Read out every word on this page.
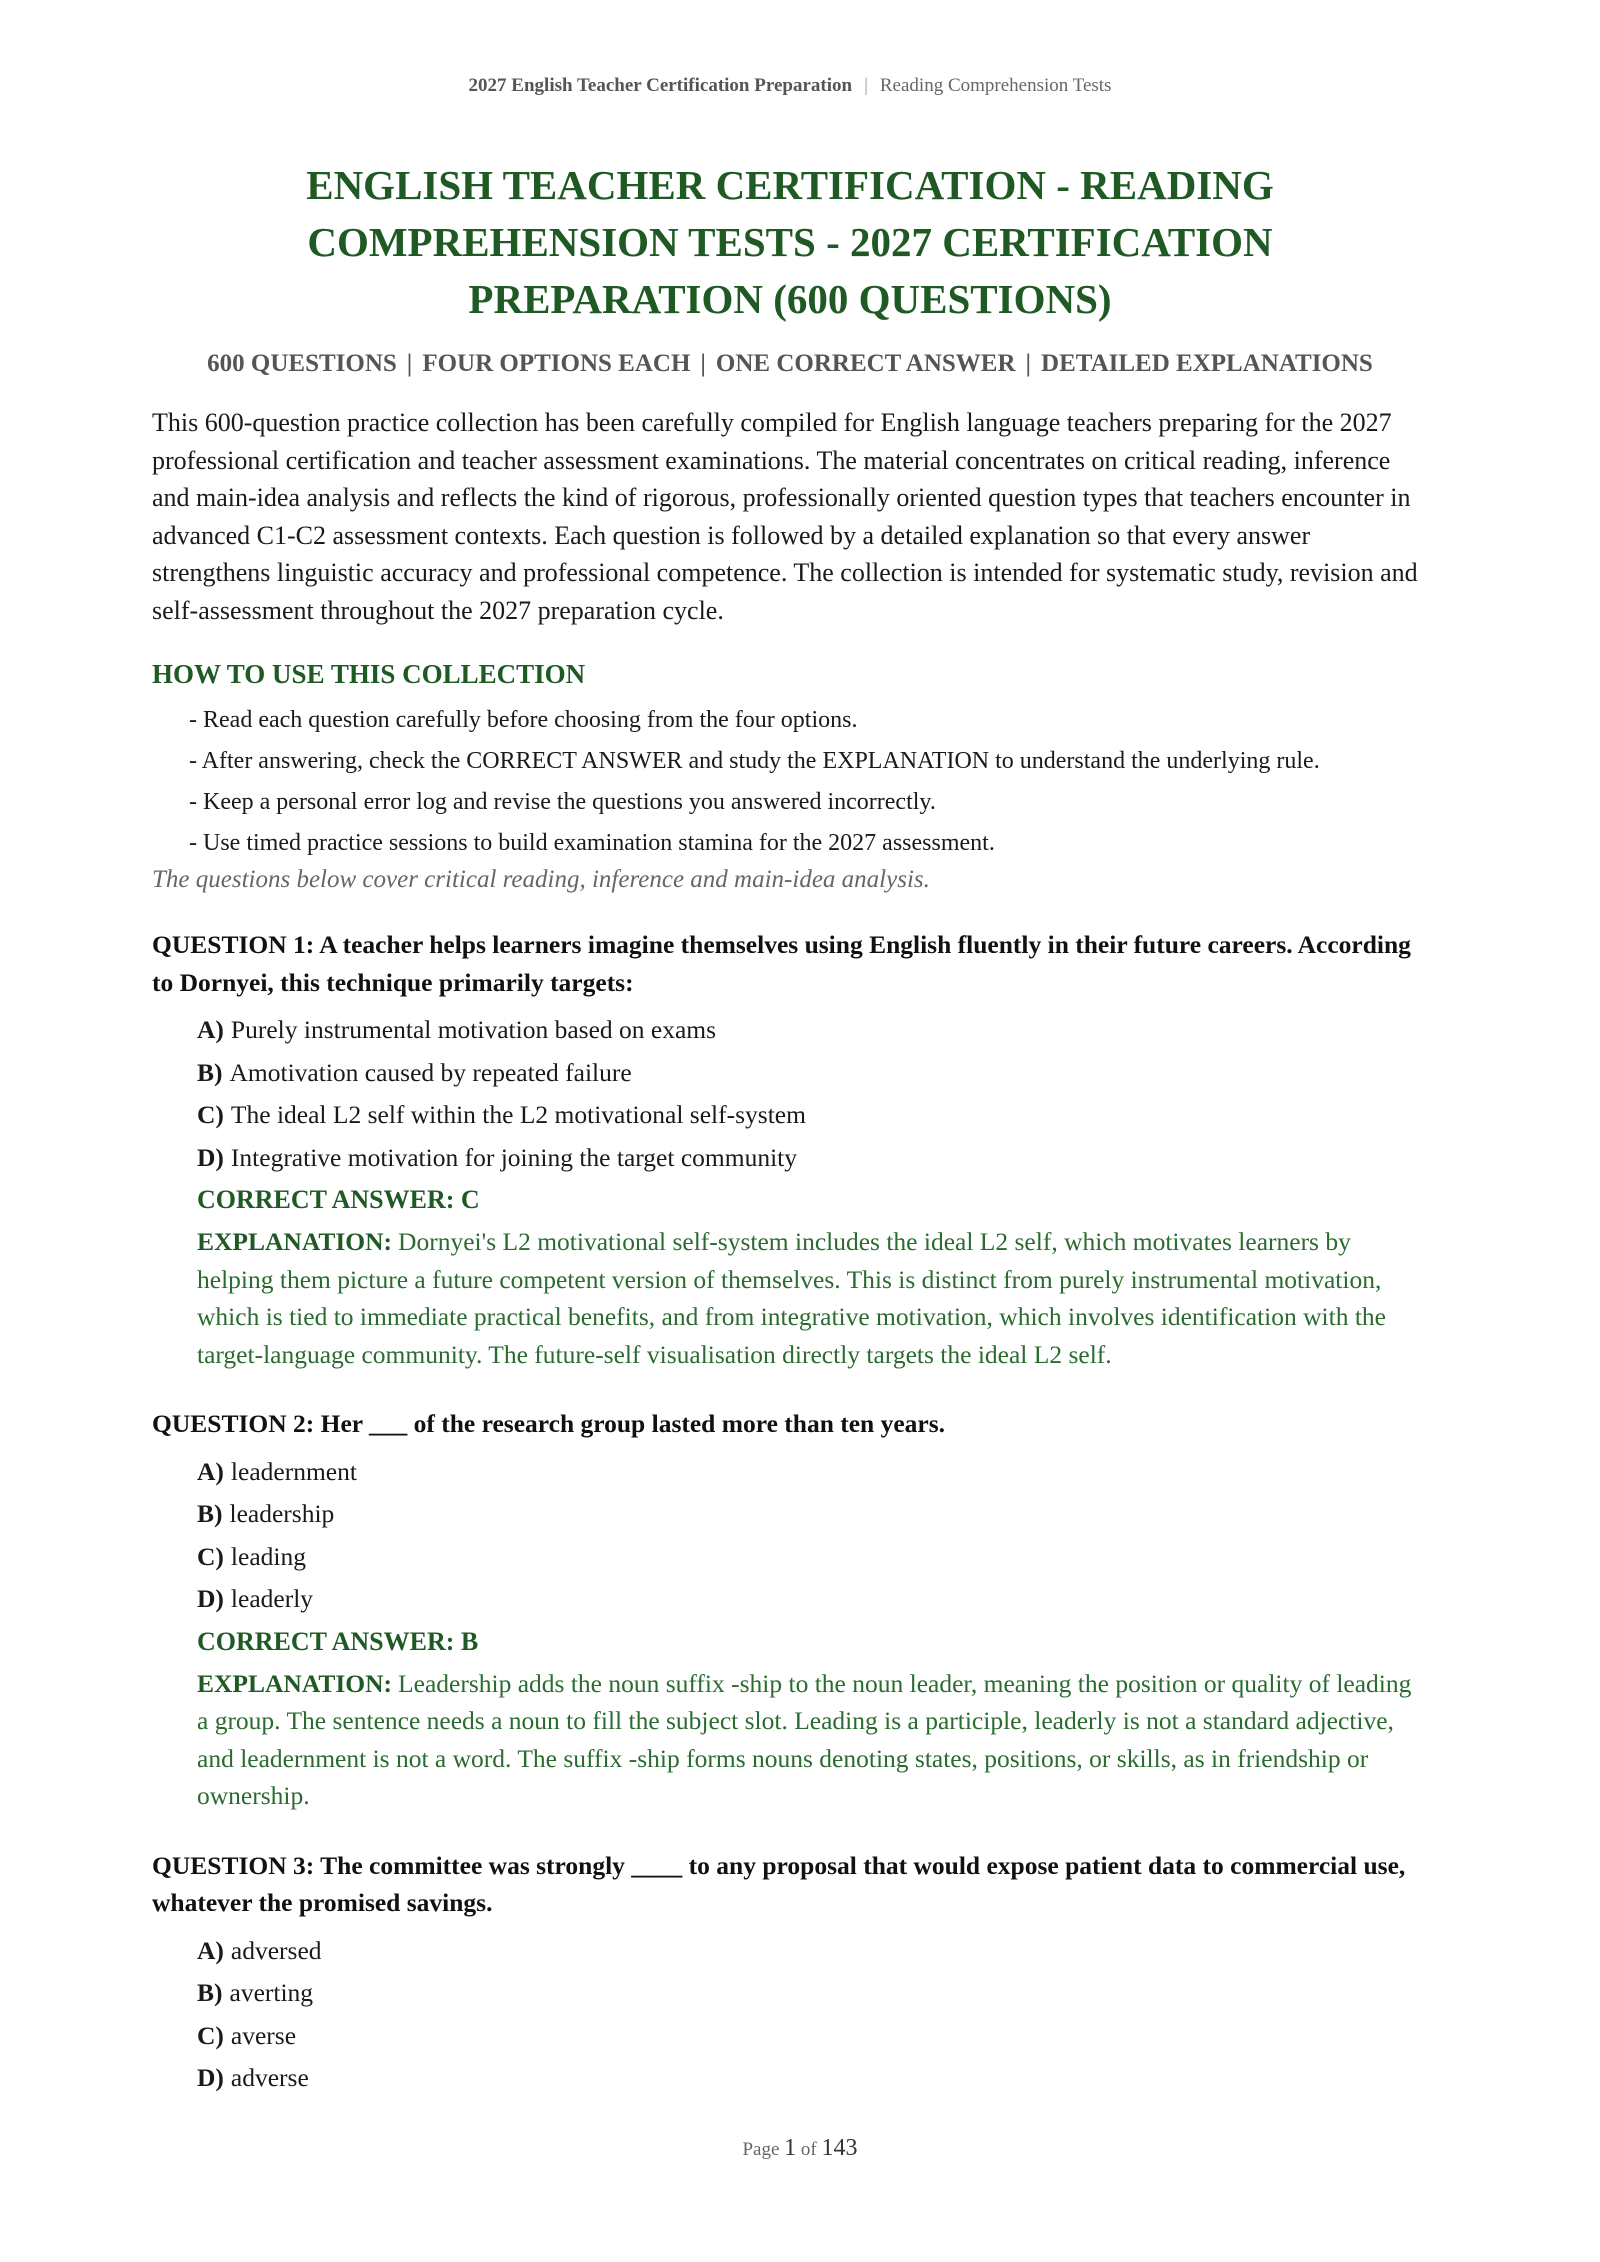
2027 English Teacher Certification Preparation | Reading Comprehension Tests
ENGLISH TEACHER CERTIFICATION - READING COMPREHENSION TESTS - 2027 CERTIFICATION PREPARATION (600 QUESTIONS)
600 QUESTIONS | FOUR OPTIONS EACH | ONE CORRECT ANSWER | DETAILED EXPLANATIONS

This 600-question practice collection has been carefully compiled for English language teachers preparing for the 2027 professional certification and teacher assessment examinations. The material concentrates on critical reading, inference and main-idea analysis and reflects the kind of rigorous, professionally oriented question types that teachers encounter in advanced C1-C2 assessment contexts. Each question is followed by a detailed explanation so that every answer strengthens linguistic accuracy and professional competence. The collection is intended for systematic study, revision and self-assessment throughout the 2027 preparation cycle.

HOW TO USE THIS COLLECTION
- Read each question carefully before choosing from the four options.
- After answering, check the CORRECT ANSWER and study the EXPLANATION to understand the underlying rule.
- Keep a personal error log and revise the questions you answered incorrectly.
- Use timed practice sessions to build examination stamina for the 2027 assessment.
The questions below cover critical reading, inference and main-idea analysis.
QUESTION 1: A teacher helps learners imagine themselves using English fluently in their future careers. According to Dornyei, this technique primarily targets:
A) Purely instrumental motivation based on exams
B) Amotivation caused by repeated failure
C) The ideal L2 self within the L2 motivational self-system
D) Integrative motivation for joining the target community
CORRECT ANSWER: C
EXPLANATION: Dornyei's L2 motivational self-system includes the ideal L2 self, which motivates learners by helping them picture a future competent version of themselves. This is distinct from purely instrumental motivation, which is tied to immediate practical benefits, and from integrative motivation, which involves identification with the target-language community. The future-self visualisation directly targets the ideal L2 self.
QUESTION 2: Her ___ of the research group lasted more than ten years.
A) leadernment
B) leadership
C) leading
D) leaderly
CORRECT ANSWER: B
EXPLANATION: Leadership adds the noun suffix -ship to the noun leader, meaning the position or quality of leading a group. The sentence needs a noun to fill the subject slot. Leading is a participle, leaderly is not a standard adjective, and leadernment is not a word. The suffix -ship forms nouns denoting states, positions, or skills, as in friendship or ownership.
QUESTION 3: The committee was strongly ____ to any proposal that would expose patient data to commercial use, whatever the promised savings.
A) adversed
B) averting
C) averse
D) adverse
Page 1 of 143
